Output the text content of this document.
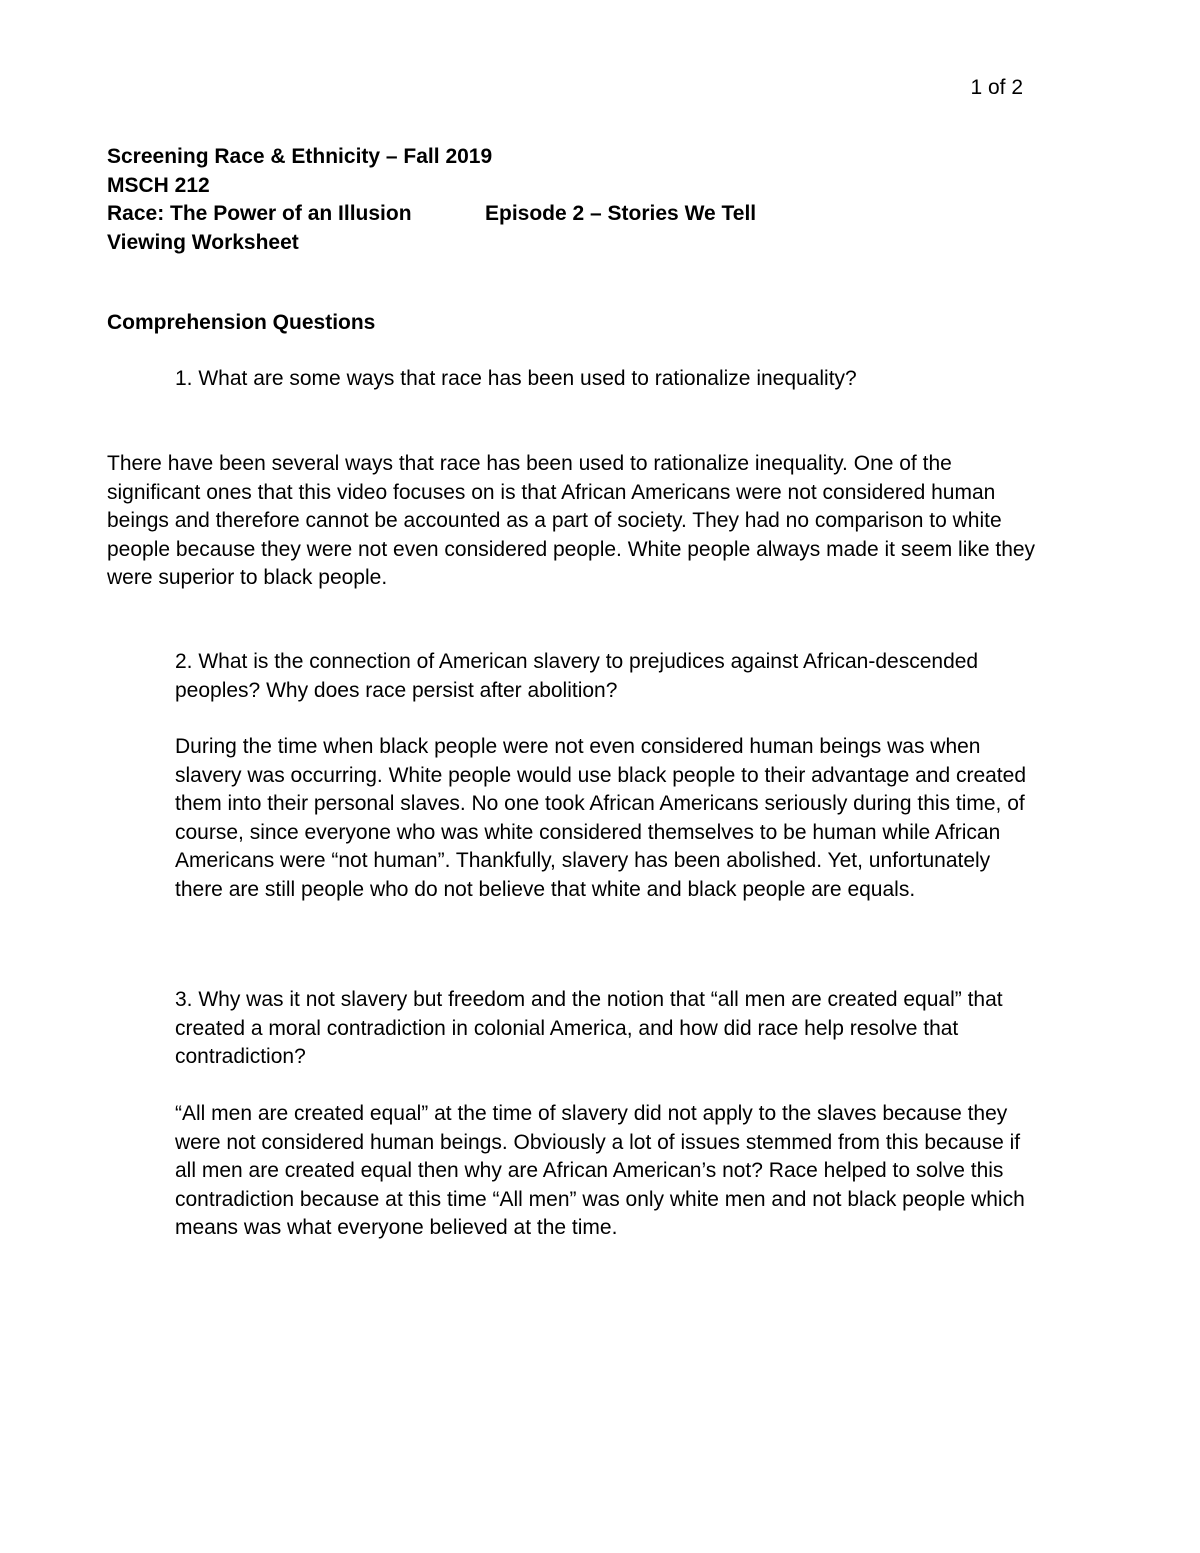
1 of 2
Screening Race & Ethnicity – Fall 2019
MSCH 212
Race: The Power of an Illusion	Episode 2 – Stories We Tell
Viewing Worksheet
Comprehension Questions
1. What are some ways that race has been used to rationalize inequality?
There have been several ways that race has been used to rationalize inequality. One of the significant ones that this video focuses on is that African Americans were not considered human beings and therefore cannot be accounted as a part of society. They had no comparison to white people because they were not even considered people. White people always made it seem like they were superior to black people.
2. What is the connection of American slavery to prejudices against African-descended peoples? Why does race persist after abolition?
During the time when black people were not even considered human beings was when slavery was occurring. White people would use black people to their advantage and created them into their personal slaves. No one took African Americans seriously during this time, of course, since everyone who was white considered themselves to be human while African Americans were “not human”. Thankfully, slavery has been abolished. Yet, unfortunately there are still people who do not believe that white and black people are equals.
3. Why was it not slavery but freedom and the notion that “all men are created equal” that created a moral contradiction in colonial America, and how did race help resolve that contradiction?
“All men are created equal” at the time of slavery did not apply to the slaves because they were not considered human beings. Obviously a lot of issues stemmed from this because if all men are created equal then why are African American’s not? Race helped to solve this contradiction because at this time “All men” was only white men and not black people which means was what everyone believed at the time.
